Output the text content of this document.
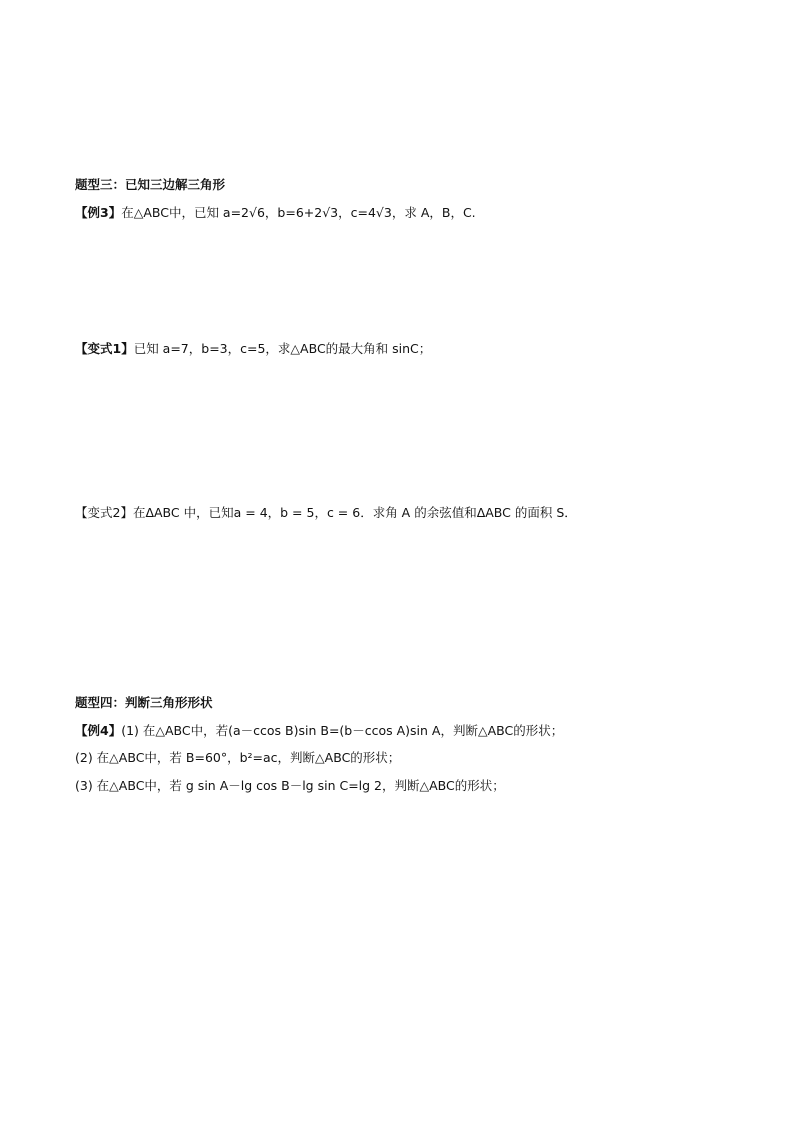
题型三：已知三边解三角形
【例3】在△ABC中，已知 a=2√6，b=6+2√3，c=4√3，求 A，B，C.
【变式1】已知 a=7，b=3，c=5，求△ABC的最大角和 sinC；
【变式2】在ΔABC 中，已知a = 4，b = 5，c = 6．求角 A 的余弦值和ΔABC 的面积 S．
题型四：判断三角形形状
【例4】(1) 在△ABC中，若(a－ccos B)sin B=(b－ccos A)sin A，判断△ABC的形状；
(2) 在△ABC中，若 B=60°，b²=ac，判断△ABC的形状；
(3) 在△ABC中，若 g sin A－lg cos B－lg sin C=lg 2，判断△ABC的形状；
